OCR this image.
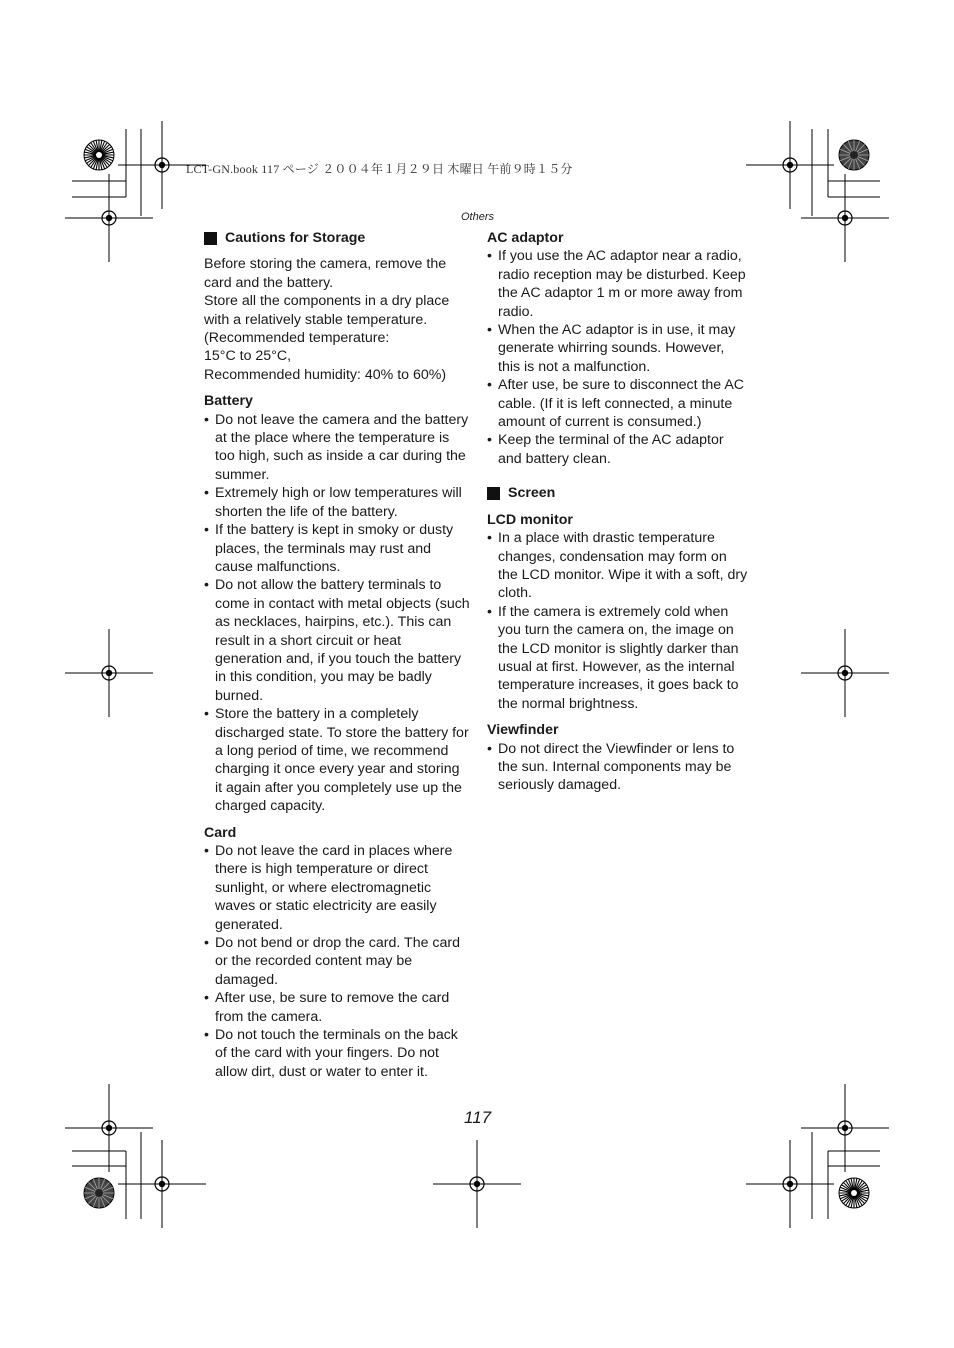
LCT-GN.book 117 ページ ２００４年１月２９日 木曜日 午前９時１５分
Others
Cautions for Storage
Before storing the camera, remove the
card and the battery.
Store all the components in a dry place
with a relatively stable temperature.
(Recommended temperature:
15°C to 25°C,
Recommended humidity: 40% to 60%)
Battery
• Do not leave the camera and the battery at the place where the temperature is too high, such as inside a car during the summer.
• Extremely high or low temperatures will shorten the life of the battery.
• If the battery is kept in smoky or dusty places, the terminals may rust and cause malfunctions.
• Do not allow the battery terminals to come in contact with metal objects (such as necklaces, hairpins, etc.). This can result in a short circuit or heat generation and, if you touch the battery in this condition, you may be badly burned.
• Store the battery in a completely discharged state. To store the battery for a long period of time, we recommend charging it once every year and storing it again after you completely use up the charged capacity.
Card
• Do not leave the card in places where there is high temperature or direct sunlight, or where electromagnetic waves or static electricity are easily generated.
• Do not bend or drop the card. The card or the recorded content may be damaged.
• After use, be sure to remove the card from the camera.
• Do not touch the terminals on the back of the card with your fingers. Do not allow dirt, dust or water to enter it.
AC adaptor
• If you use the AC adaptor near a radio, radio reception may be disturbed. Keep the AC adaptor 1 m or more away from radio.
• When the AC adaptor is in use, it may generate whirring sounds. However, this is not a malfunction.
• After use, be sure to disconnect the AC cable. (If it is left connected, a minute amount of current is consumed.)
• Keep the terminal of the AC adaptor and battery clean.
Screen
LCD monitor
• In a place with drastic temperature changes, condensation may form on the LCD monitor. Wipe it with a soft, dry cloth.
• If the camera is extremely cold when you turn the camera on, the image on the LCD monitor is slightly darker than usual at first. However, as the internal temperature increases, it goes back to the normal brightness.
Viewfinder
• Do not direct the Viewfinder or lens to the sun. Internal components may be seriously damaged.
117
